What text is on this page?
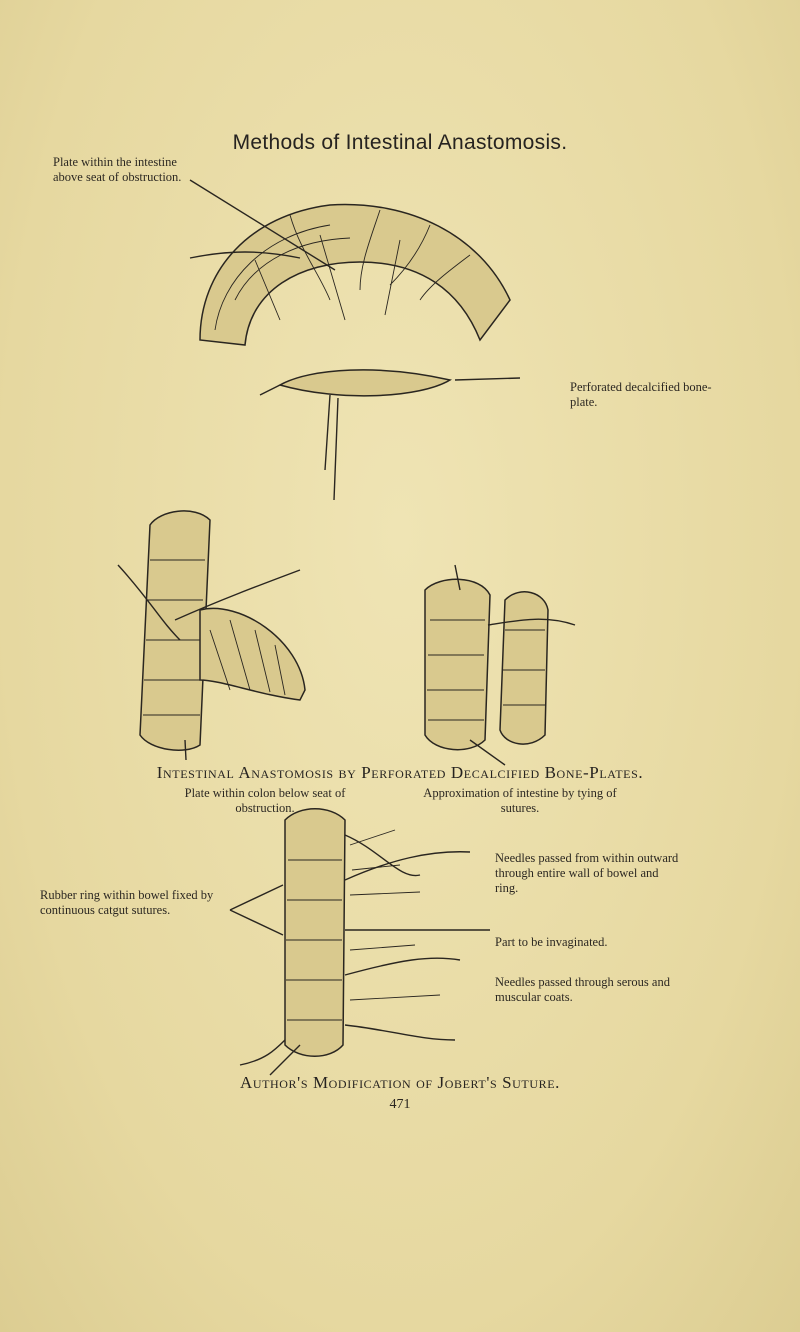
Methods of Intestinal Anastomosis.
Plate within the intestine above seat of obstruction.
Perforated decalcified bone-plate.
Intestinal Anastomosis by Perforated Decalcified Bone-Plates.
Plate within colon below seat of obstruction.
Approximation of intestine by tying of sutures.
Rubber ring within bowel fixed by continuous catgut sutures.
Needles passed from within outward through entire wall of bowel and ring.
Part to be invaginated.
Needles passed through serous and muscular coats.
Author's Modification of Jobert's Suture.
471
